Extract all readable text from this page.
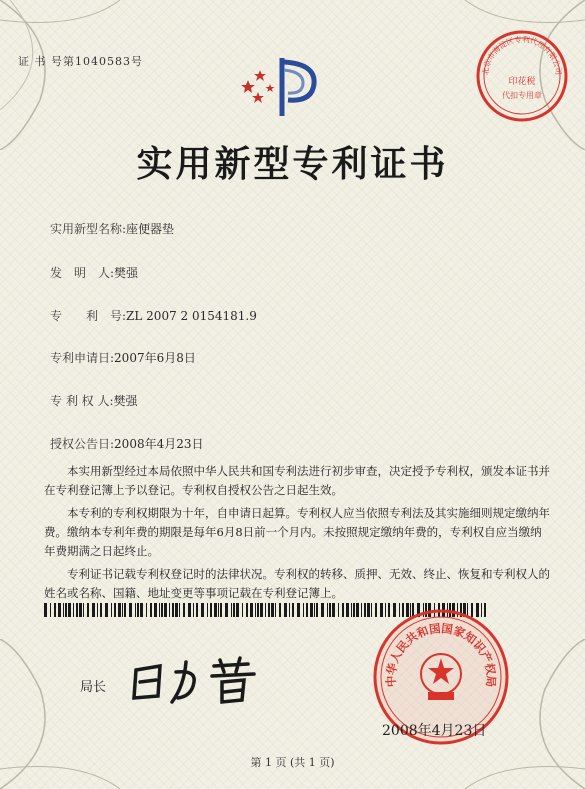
证 书 号第1040583号
北京市海淀区专利代理有限公司
印花税
代扣专用章
实用新型专利证书
实用新型名称:座便器垫
发　明　人:樊强
专　　利　号:ZL 2007 2 0154181.9
专利申请日:2007年6月8日
专 利 权 人:樊强
授权公告日:2008年4月23日

本实用新型经过本局依照中华人民共和国专利法进行初步审查，决定授予专利权，颁发本证书并在专利登记簿上予以登记。专利权自授权公告之日起生效。

本专利的专利权期限为十年，自申请日起算。专利权人应当依照专利法及其实施细则规定缴纳年费。缴纳本专利年费的期限是每年6月8日前一个月内。未按照规定缴纳年费的，专利权自应当缴纳年费期满之日起终止。

专利证书记载专利权登记时的法律状况。专利权的转移、质押、无效、终止、恢复和专利权人的姓名或名称、国籍、地址变更等事项记载在专利登记簿上。

局长	中华人民共和国国家知识产权局
2008年4月23日
第 1 页 (共 1 页)
